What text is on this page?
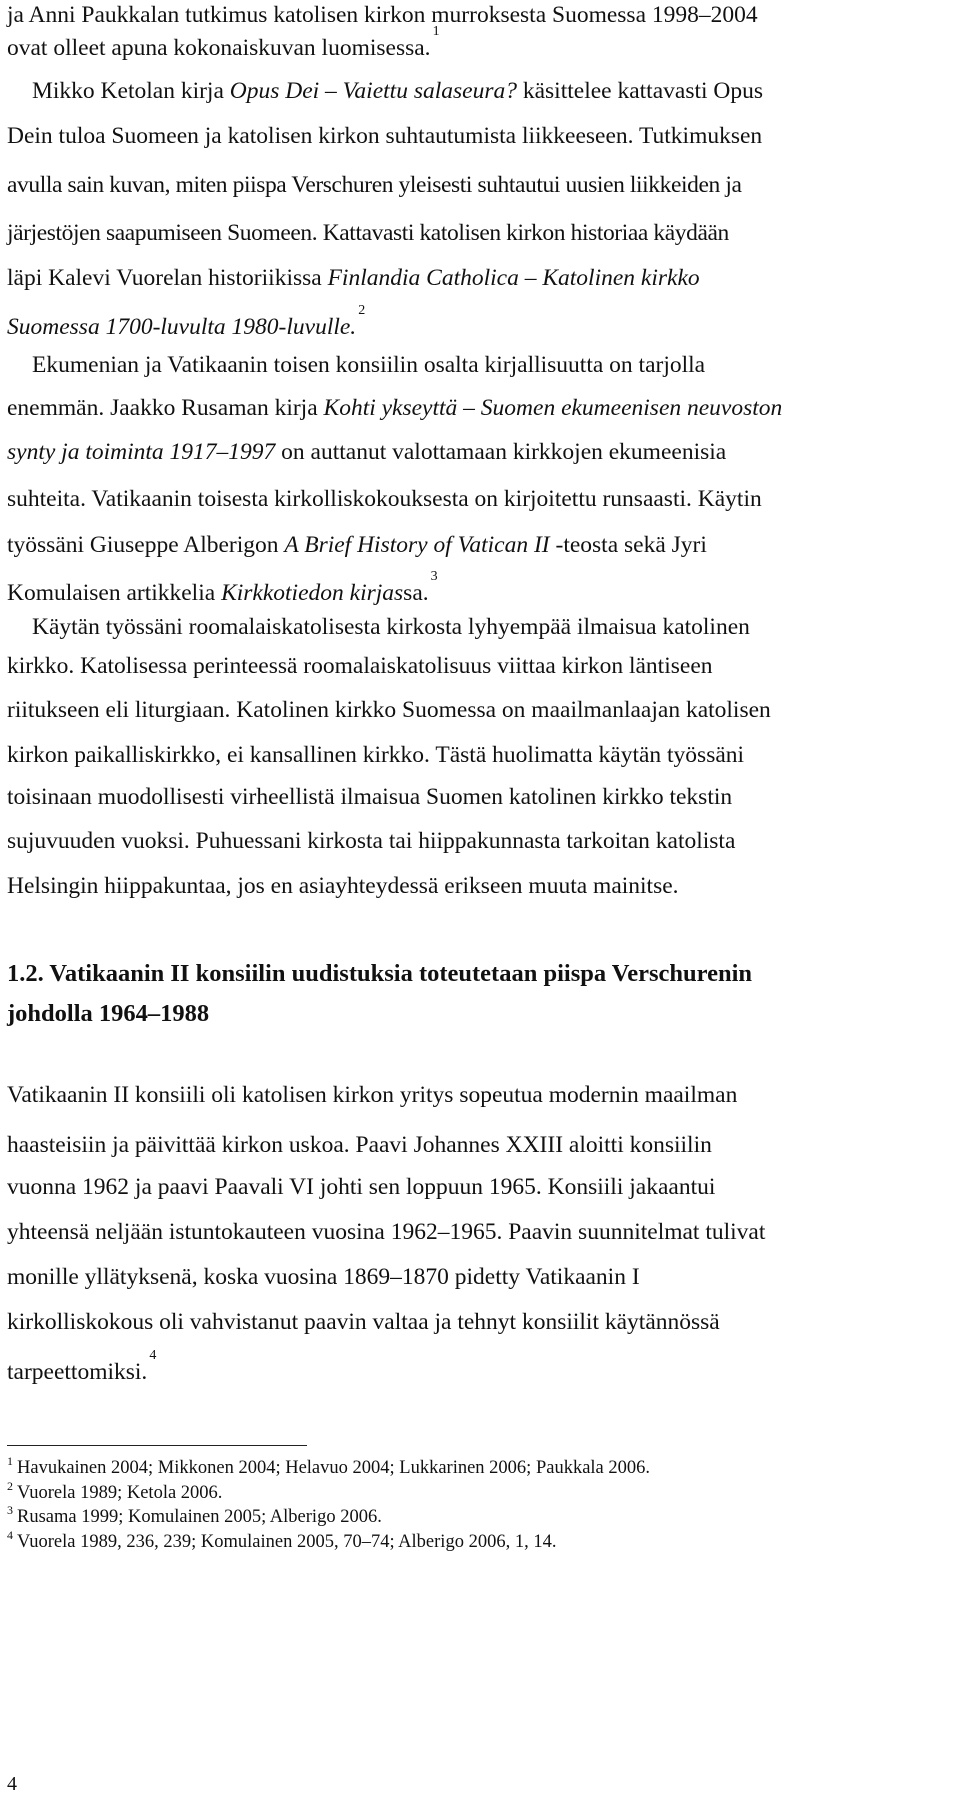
ja Anni Paukkalan tutkimus katolisen kirkon murroksesta Suomessa 1998–2004
ovat olleet apuna kokonaiskuvan luomisessa.$^1$
Mikko Ketolan kirja Opus Dei – Vaiettu salaseura? käsittelee kattavasti Opus
Dein tuloa Suomeen ja katolisen kirkon suhtautumista liikkeeseen. Tutkimuksen
avulla sain kuvan, miten piispa Verschuren yleisesti suhtautui uusien liikkeiden ja
järjestöjen saapumiseen Suomeen. Kattavasti katolisen kirkon historiaa käydään
läpi Kalevi Vuorelan historiikissa Finlandia Catholica – Katolinen kirkko
Suomessa 1700-luvulta 1980-luvulle.$^2$
Ekumenian ja Vatikaanin toisen konsiilin osalta kirjallisuutta on tarjolla
enemmän. Jaakko Rusaman kirja Kohti ykseyttä – Suomen ekumeenisen neuvoston
synty ja toiminta 1917–1997 on auttanut valottamaan kirkkojen ekumeenisia
suhteita. Vatikaanin toisesta kirkolliskokouksesta on kirjoitettu runsaasti. Käytin
työssäni Giuseppe Alberigon A Brief History of Vatican II -teosta sekä Jyri
Komulaisen artikkelia Kirkkotiedon kirjassa.$^3$
Käytän työssäni roomalaiskatolisesta kirkosta lyhyempää ilmaisua katolinen
kirkko. Katolisessa perinteessä roomalaiskatolisuus viittaa kirkon läntiseen
riitukseen eli liturgiaan. Katolinen kirkko Suomessa on maailmanlaajan katolisen
kirkon paikalliskirkko, ei kansallinen kirkko. Tästä huolimatta käytän työssäni
toisinaan muodollisesti virheellistä ilmaisua Suomen katolinen kirkko tekstin
sujuvuuden vuoksi. Puhuessani kirkosta tai hiippakunnasta tarkoitan katolista
Helsingin hiippakuntaa, jos en asiayhteydessä erikseen muuta mainitse.
1.2. Vatikaanin II konsiilin uudistuksia toteutetaan piispa Verschurenin
johdolla 1964–1988
Vatikaanin II konsiili oli katolisen kirkon yritys sopeutua modernin maailman
haasteisiin ja päivittää kirkon uskoa. Paavi Johannes XXIII aloitti konsiilin
vuonna 1962 ja paavi Paavali VI johti sen loppuun 1965. Konsiili jakaantui
yhteensä neljään istuntokauteen vuosina 1962–1965. Paavin suunnitelmat tulivat
monille yllätyksenä, koska vuosina 1869–1870 pidetty Vatikaanin I
kirkolliskokous oli vahvistanut paavin valtaa ja tehnyt konsiilit käytännössä
tarpeettomiksi.$^4$
$^1$ Havukainen 2004; Mikkonen 2004; Helavuo 2004; Lukkarinen 2006; Paukkala 2006.
$^2$ Vuorela 1989; Ketola 2006.
$^3$ Rusama 1999; Komulainen 2005; Alberigo 2006.
$^4$ Vuorela 1989, 236, 239; Komulainen 2005, 70–74; Alberigo 2006, 1, 14.
4
